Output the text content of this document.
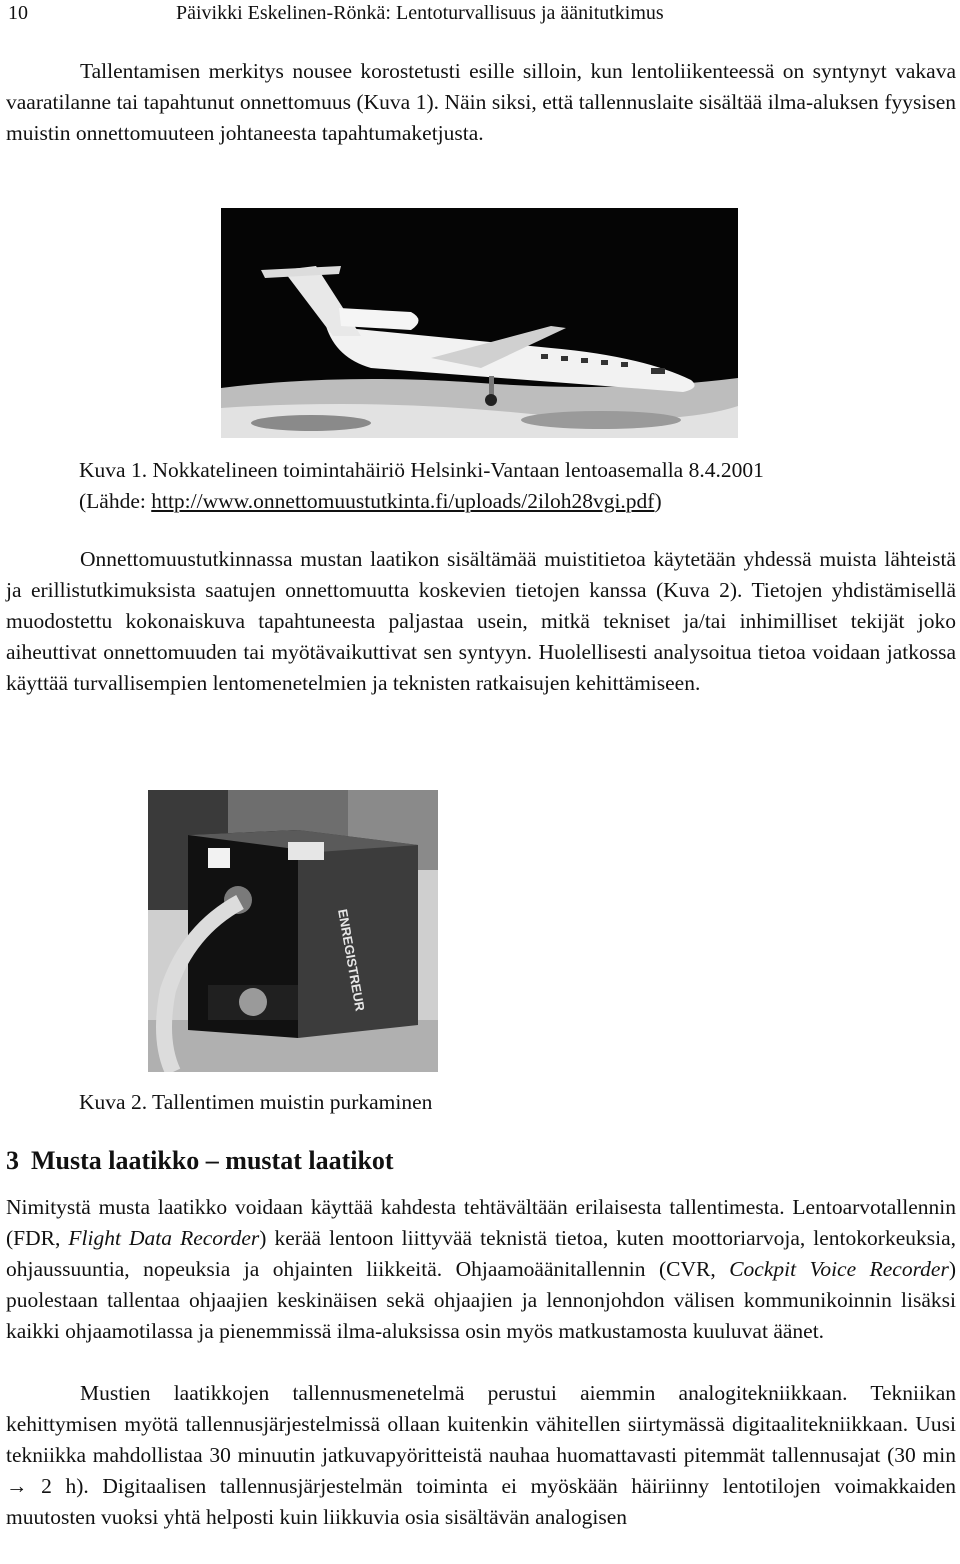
10	Päivikki Eskelinen-Rönkä: Lentoturvallisuus ja äänitutkimus

Tallentamisen merkitys nousee korostetusti esille silloin, kun lentoliikenteessä on syntynyt vakava vaaratilanne tai tapahtunut onnettomuus (Kuva 1). Näin siksi, että tallennuslaite sisältää ilma-aluksen fyysisen muistin onnettomuuteen johtaneesta tapahtumaketjusta.

Kuva 1. Nokkatelineen toimintahäiriö Helsinki-Vantaan lentoasemalla 8.4.2001
(Lähde: http://www.onnettomuustutkinta.fi/uploads/2iloh28vgi.pdf)

Onnettomuustutkinnassa mustan laatikon sisältämää muistitietoa käytetään yhdessä muista lähteistä ja erillistutkimuksista saatujen onnettomuutta koskevien tietojen kanssa (Kuva 2). Tietojen yhdistämisellä muodostettu kokonaiskuva tapahtuneesta paljastaa usein, mitkä tekniset ja/tai inhimilliset tekijät joko aiheuttivat onnettomuuden tai myötävaikuttivat sen syntyyn. Huolellisesti analysoitua tietoa voidaan jatkossa käyttää turvallisempien lentomenetelmien ja teknisten ratkaisujen kehittämiseen.

ENREGISTREUR
Kuva 2. Tallentimen muistin purkaminen
3 Musta laatikko – mustat laatikot

Nimitystä musta laatikko voidaan käyttää kahdesta tehtävältään erilaisesta tallentimesta. Lentoarvotallennin (FDR, Flight Data Recorder) kerää lentoon liittyvää teknistä tietoa, kuten moottoriarvoja, lentokorkeuksia, ohjaussuuntia, nopeuksia ja ohjainten liikkeitä. Ohjaamoäänitallennin (CVR, Cockpit Voice Recorder) puolestaan tallentaa ohjaajien keskinäisen sekä ohjaajien ja lennonjohdon välisen kommunikoinnin lisäksi kaikki ohjaamotilassa ja pienemmissä ilma-aluksissa osin myös matkustamosta kuuluvat äänet.

Mustien laatikkojen tallennusmenetelmä perustui aiemmin analogitekniikkaan. Tekniikan kehittymisen myötä tallennusjärjestelmissä ollaan kuitenkin vähitellen siirtymässä digitaalitekniikkaan. Uusi tekniikka mahdollistaa 30 minuutin jatkuvapyöritteistä nauhaa huomattavasti pitemmät tallennusajat (30 min → 2 h). Digitaalisen tallennusjärjestelmän toiminta ei myöskään häiriinny lentotilojen voimakkaiden muutosten vuoksi yhtä helposti kuin liikkuvia osia sisältävän analogisen
